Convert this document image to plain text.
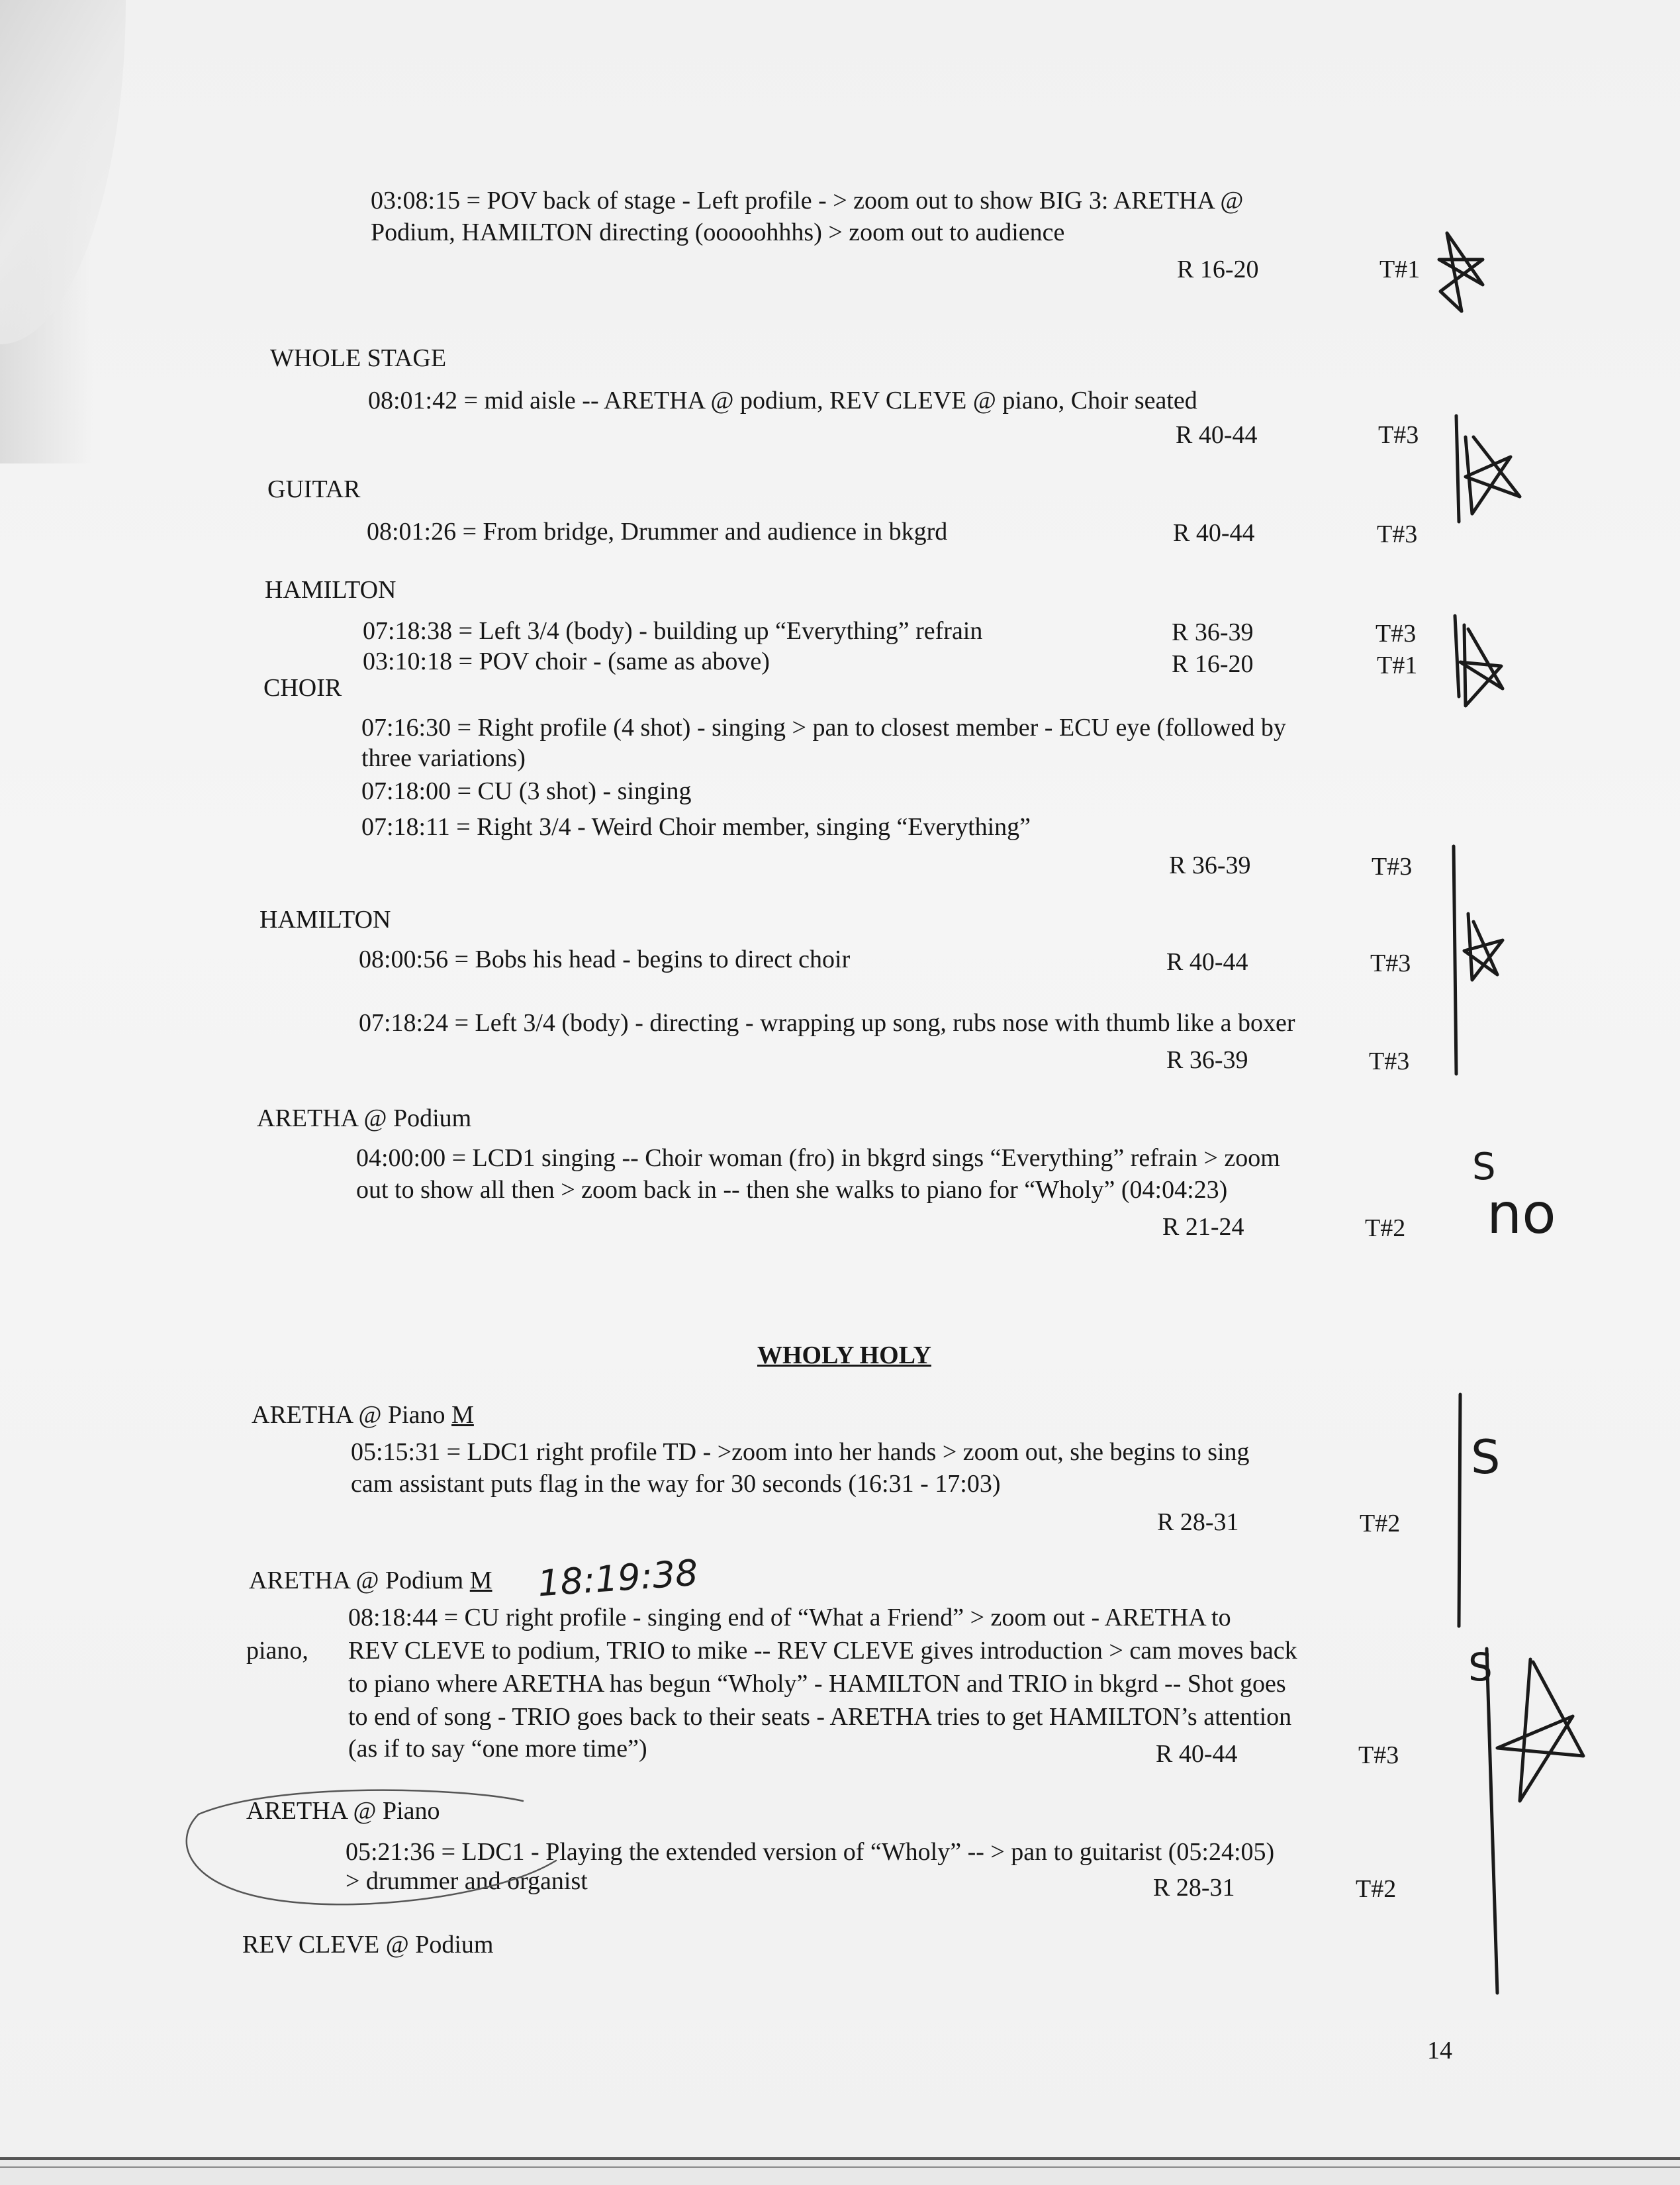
03:08:15 = POV back of stage - Left profile - > zoom out to show BIG 3: ARETHA @
Podium, HAMILTON directing (ooooohhhs) > zoom out to audience
R 16-20	T#1
WHOLE STAGE
08:01:42 = mid aisle -- ARETHA @ podium, REV CLEVE @ piano, Choir seated
R 40-44	T#3
GUITAR
08:01:26 = From bridge, Drummer and audience in bkgrd	R 40-44	T#3
HAMILTON
07:18:38 = Left 3/4 (body) - building up “Everything” refrain	R 36-39	T#3
03:10:18 = POV choir - (same as above)	R 16-20	T#1
CHOIR
07:16:30 = Right profile (4 shot) - singing > pan to closest member - ECU eye (followed by
three variations)
07:18:00 = CU (3 shot) - singing
07:18:11 = Right 3/4 - Weird Choir member, singing “Everything”
R 36-39	T#3
HAMILTON
08:00:56 = Bobs his head - begins to direct choir	R 40-44	T#3
07:18:24 = Left 3/4 (body) - directing - wrapping up song, rubs nose with thumb like a boxer
R 36-39	T#3
ARETHA @ Podium
04:00:00 = LCD1 singing -- Choir woman (fro) in bkgrd sings “Everything” refrain > zoom
out to show all then > zoom back in -- then she walks to piano for “Wholy” (04:04:23)
R 21-24	T#2
WHOLY HOLY
ARETHA @ Piano M
05:15:31 = LDC1 right profile TD - >zoom into her hands > zoom out, she begins to sing
cam assistant puts flag in the way for 30 seconds (16:31 - 17:03)
R 28-31	T#2
ARETHA @ Podium M
08:18:44 = CU right profile - singing end of “What a Friend” > zoom out - ARETHA to
piano, REV CLEVE to podium, TRIO to mike -- REV CLEVE gives introduction > cam moves back
to piano where ARETHA has begun “Wholy” - HAMILTON and TRIO in bkgrd -- Shot goes
to end of song - TRIO goes back to their seats - ARETHA tries to get HAMILTON’s attention
(as if to say “one more time”)	R 40-44	T#3
ARETHA @ Piano
05:21:36 = LDC1 - Playing the extended version of “Wholy” -- > pan to guitarist (05:24:05)
> drummer and organist	R 28-31	T#2
REV CLEVE @ Podium
14
18:19:38
S
no
S
S
